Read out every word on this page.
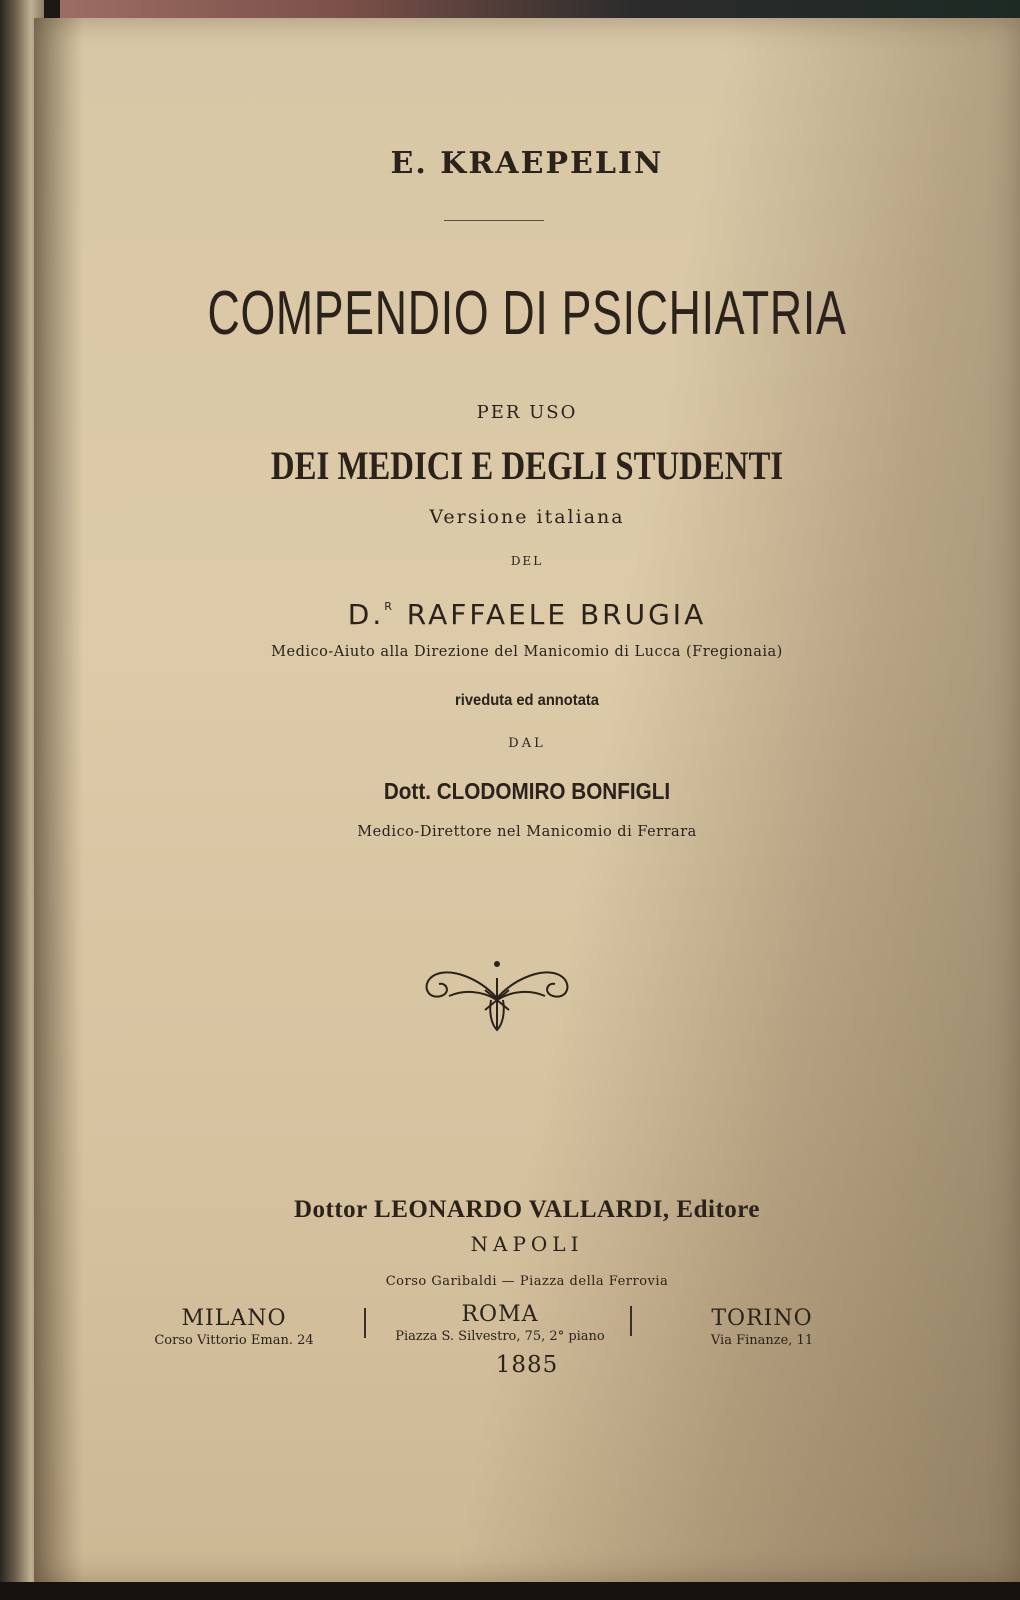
E. KRAEPELIN
COMPENDIO DI PSICHIATRIA
PER USO
DEI MEDICI E DEGLI STUDENTI
Versione italiana
DEL
D.$^R$ RAFFAELE BRUGIA
Medico-Aiuto alla Direzione del Manicomio di Lucca (Fregionaia)
riveduta ed annotata
DAL
Dott. CLODOMIRO BONFIGLI
Medico-Direttore nel Manicomio di Ferrara
Dottor LEONARDO VALLARDI, Editore
NAPOLI
Corso Garibaldi — Piazza della Ferrovia
MILANO
Corso Vittorio Eman. 24
ROMA
Piazza S. Silvestro, 75, 2° piano
TORINO
Via Finanze, 11
1885
